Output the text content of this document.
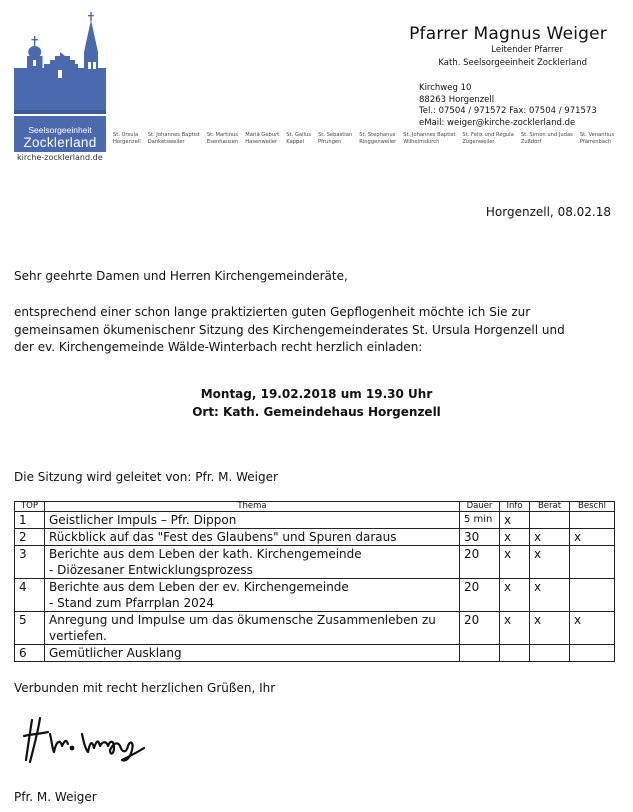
Seelsorgeeinheit
Zocklerland
kirche-zocklerland.de
Pfarrer Magnus Weiger
Leitender Pfarrer
Kath. Seelsorgeeinheit Zocklerland
Kirchweg 10
88263 Horgenzell
Tel.: 07504 / 971572 Fax: 07504 / 971573
eMail: weiger@kirche-zocklerland.de
St. Ursula
Horgenzell
St. Johannes Baptist
Danketsweiler
St. Martinus
Esenhausen
Mariä Geburt
Hasenweiler
St. Gallus
Kappel
St. Sebastian
Pfrungen
St. Stephanus
Ringgenweiler
St. Johannes Baptist
Wilhelmskirch
St. Felix und Regula
Zogenweiler
St. Simon und Judas
Zußdorf
St. Venantius
Pfärrenbach
Horgenzell, 08.02.18
Sehr geehrte Damen und Herren Kirchengemeinderäte,
entsprechend einer schon lange praktizierten guten Gepflogenheit möchte ich Sie zur
gemeinsamen ökumenischenr Sitzung des Kirchengemeinderates St. Ursula Horgenzell und
der ev. Kirchengemeinde Wälde-Winterbach recht herzlich einladen:
Montag, 19.02.2018 um 19.30 Uhr
Ort: Kath. Gemeindehaus Horgenzell
Die Sitzung wird geleitet von: Pfr. M. Weiger
TOP	Thema	Dauer	Info	Berat	Beschl
1	Geistlicher Impuls – Pfr. Dippon	5 min	x		
2	Rückblick auf das "Fest des Glaubens" und Spuren daraus	30	x	x	x
3	Berichte aus dem Leben der kath. Kirchengemeinde
- Diözesaner Entwicklungsprozess	20	x	x	
4	Berichte aus dem Leben der ev. Kirchengemeinde
- Stand zum Pfarrplan 2024	20	x	x	
5	Anregung und Impulse um das ökumensche Zusammenleben zu
vertiefen.	20	x	x	x
6	Gemütlicher Ausklang				

Verbunden mit recht herzlichen Grüßen, Ihr
Pfr. M. Weiger
